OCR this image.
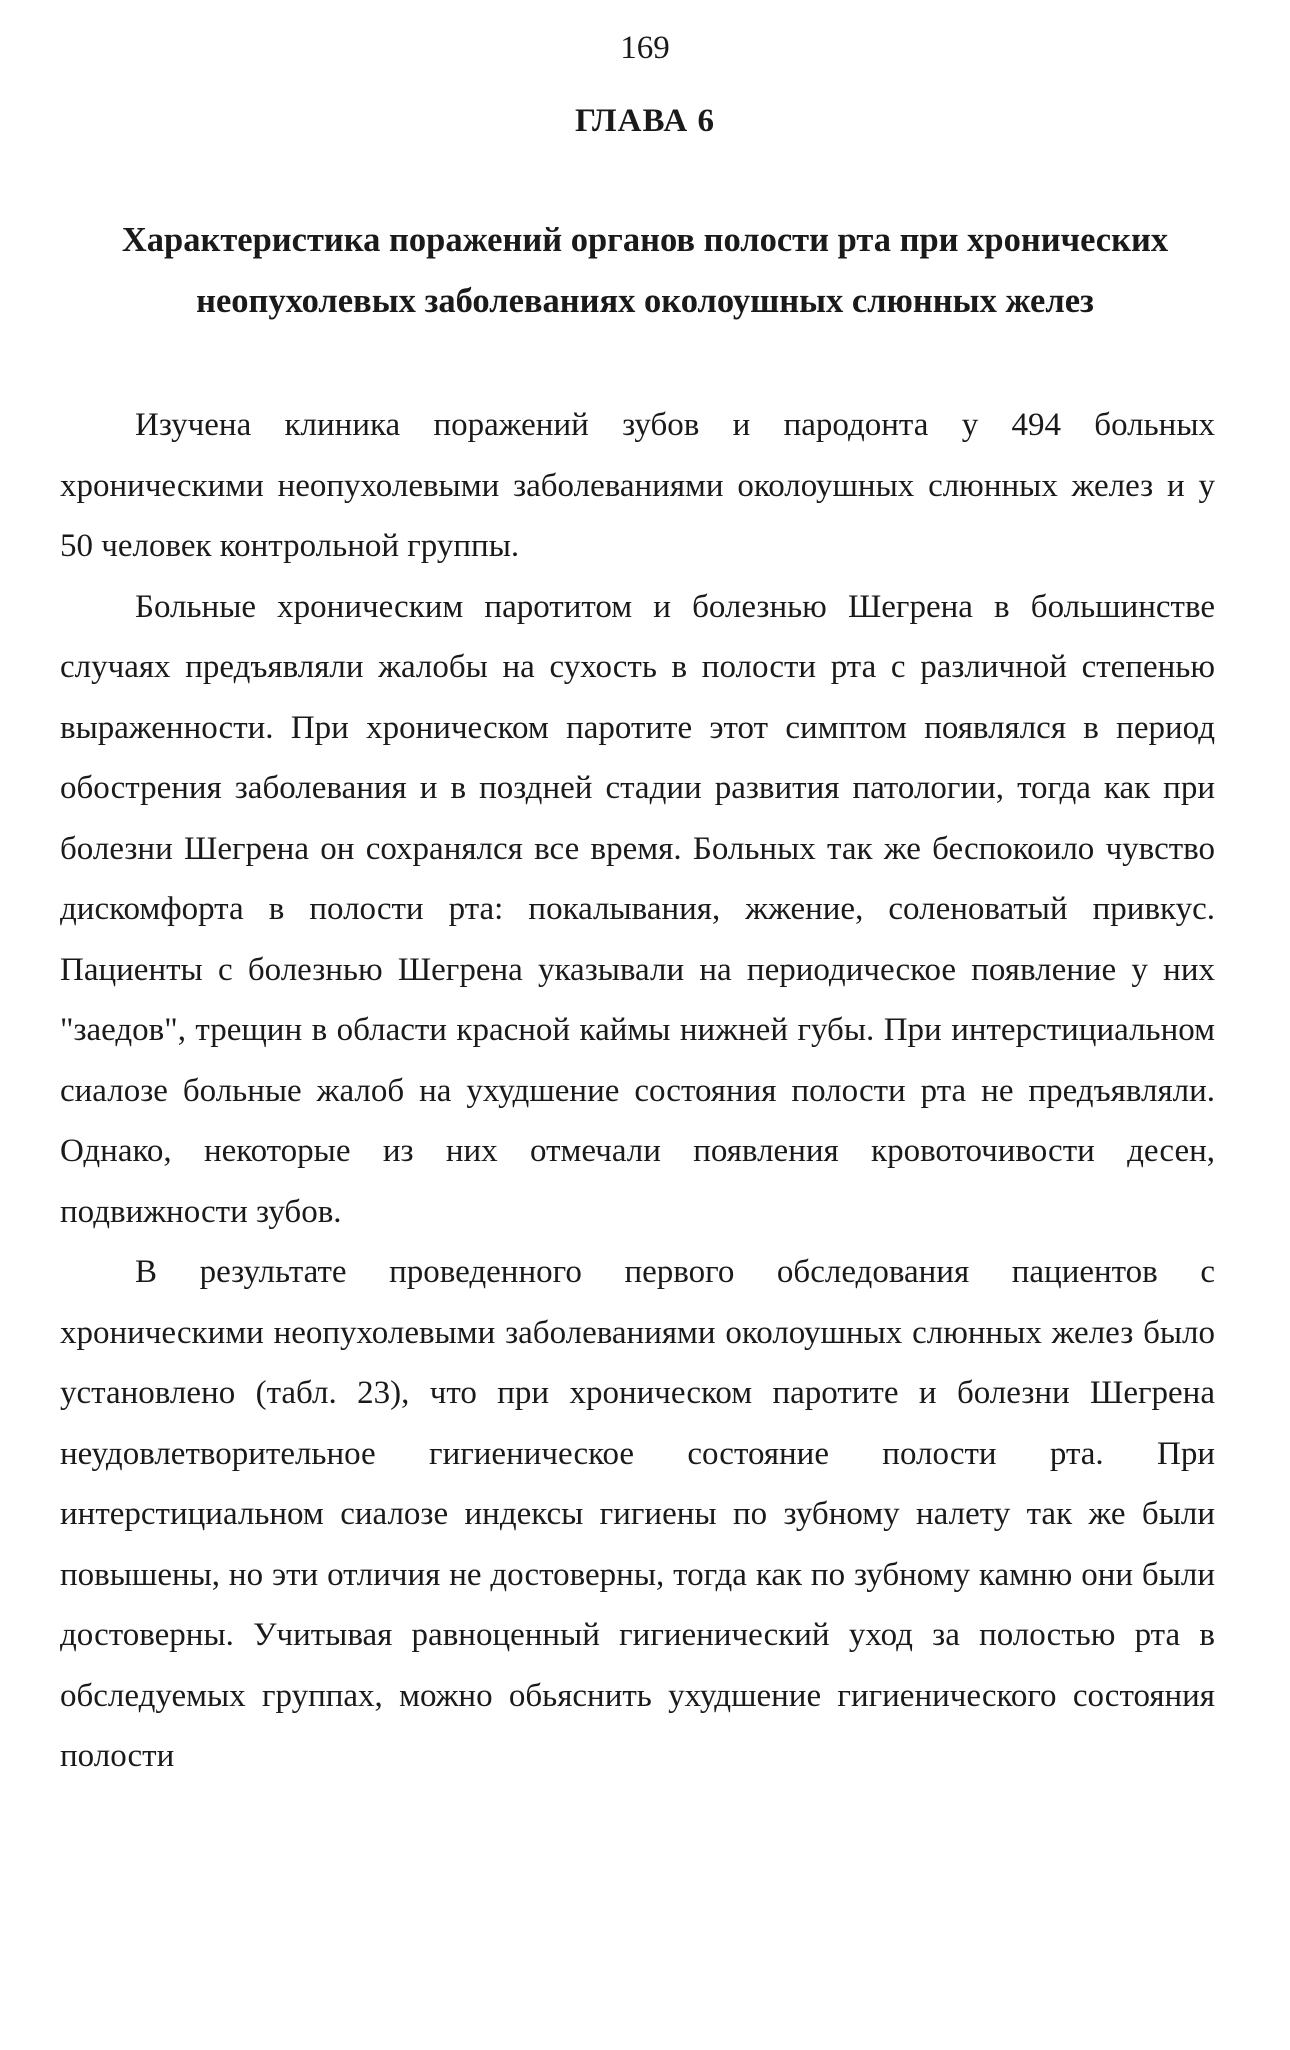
169
ГЛАВА 6
Характеристика поражений органов полости рта при хронических неопухолевых заболеваниях околоушных слюнных желез

Изучена клиника поражений зубов и пародонта у 494 больных хроническими неопухолевыми заболеваниями околоушных слюнных желез и у 50 человек контрольной группы.

Больные хроническим паротитом и болезнью Шегрена в большинстве случаях предъявляли жалобы на сухость в полости рта с различной степенью выраженности. При хроническом паротите этот симптом появлялся в период обострения заболевания и в поздней стадии развития патологии, тогда как при болезни Шегрена он сохранялся все время. Больных так же беспокоило чувство дискомфорта в полости рта: покалывания, жжение, соленоватый привкус. Пациенты с болезнью Шегрена указывали на периодическое появление у них "заедов", трещин в области красной каймы нижней губы. При интерстициальном сиалозе больные жалоб на ухудшение состояния полости рта не предъявляли. Однако, некоторые из них отмечали появления кровоточивости десен, подвижности зубов.

В результате проведенного первого обследования пациентов с хроническими неопухолевыми заболеваниями околоушных слюнных желез было установлено (табл. 23), что при хроническом паротите и болезни Шегрена неудовлетворительное гигиеническое состояние полости рта. При интерстициальном сиалозе индексы гигиены по зубному налету так же были повышены, но эти отличия не достоверны, тогда как по зубному камню они были достоверны. Учитывая равноценный гигиенический уход за полостью рта в обследуемых группах, можно обьяснить ухудшение гигиенического состояния полости
